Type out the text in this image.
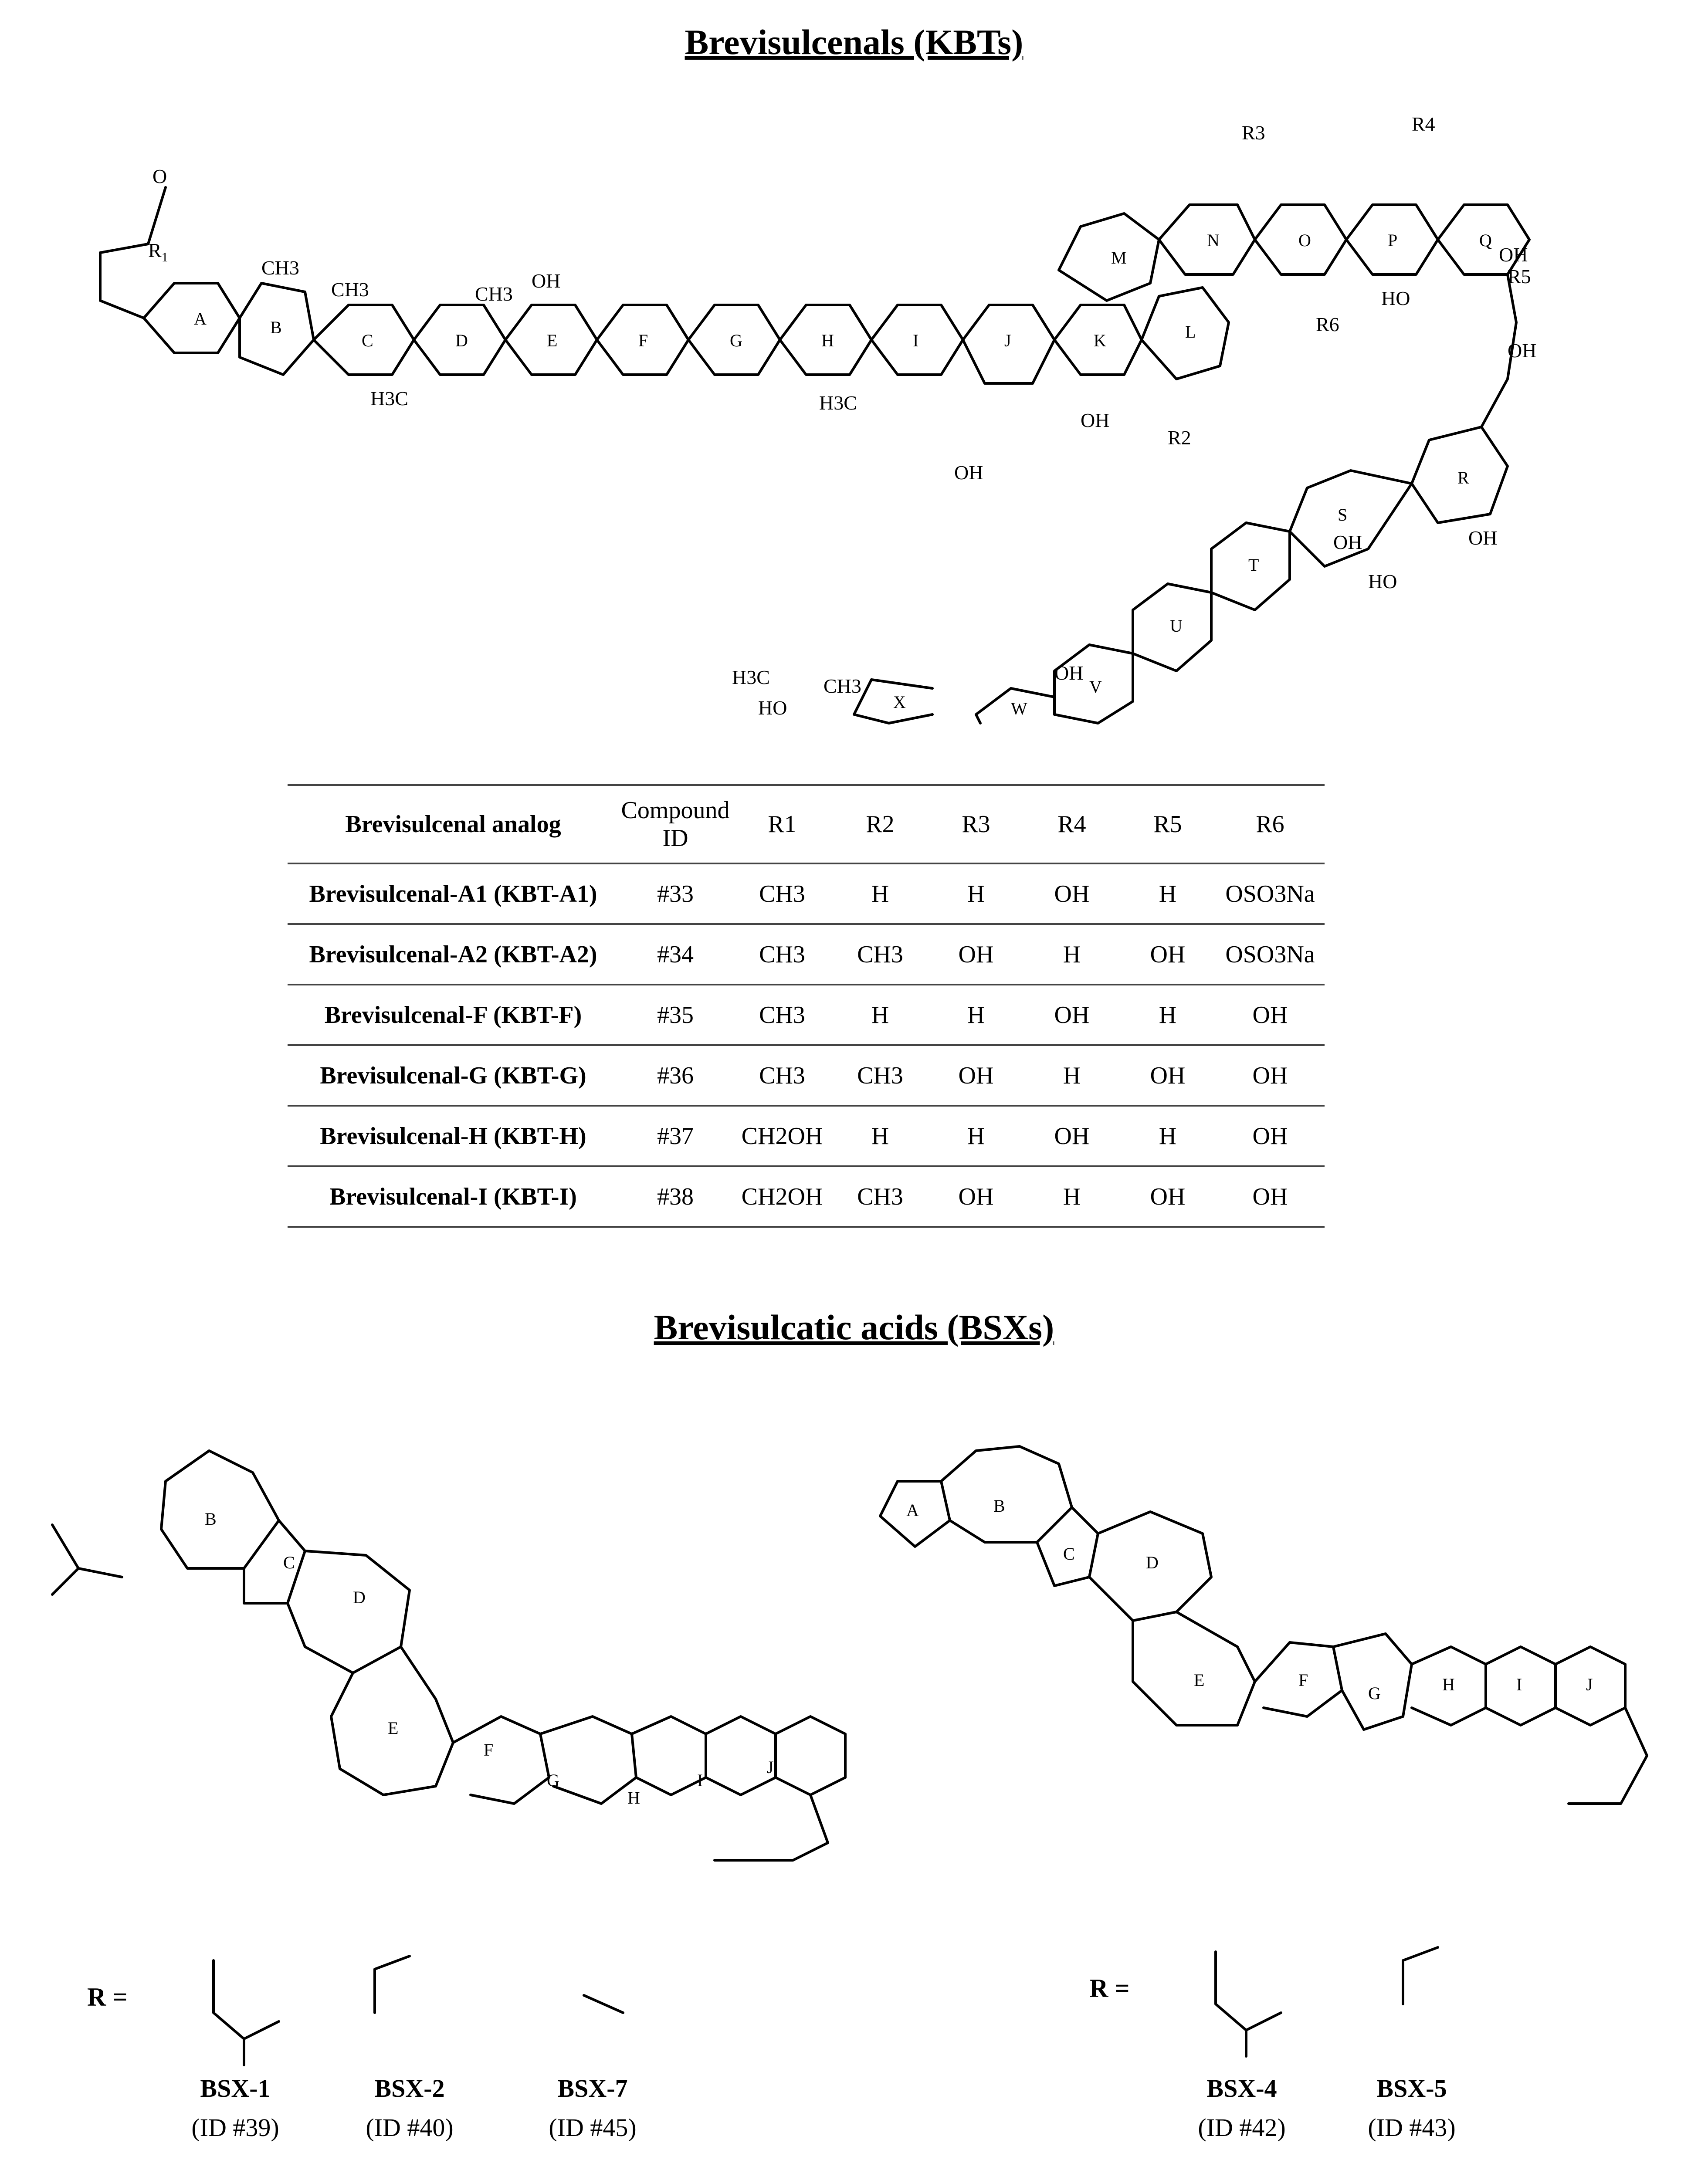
Brevisulcenals (KBTs)
O
$R_1$
A	B
C	D	E	F	G	H	I	J	K	L
M
N	O	P	Q
R
S
T
U
V
W
X
CH3
CH3
H3C
OH
CH3
H3C
OH
OH
R2
R3	R4
R5
R6
OH
HO
OH
OH
HO
OH
OH
HO
H3C	CH3
Brevisulcenal analog	Compound ID	R1	R2	R3	R4	R5	R6
Brevisulcenal-A1 (KBT-A1)	#33	CH3	H	H	OH	H	OSO3Na
Brevisulcenal-A2 (KBT-A2)	#34	CH3	CH3	OH	H	OH	OSO3Na
Brevisulcenal-F (KBT-F)	#35	CH3	H	H	OH	H	OH
Brevisulcenal-G (KBT-G)	#36	CH3	CH3	OH	H	OH	OH
Brevisulcenal-H (KBT-H)	#37	CH2OH	H	H	OH	H	OH
Brevisulcenal-I (KBT-I)	#38	CH2OH	CH3	OH	H	OH	OH
Brevisulcatic acids (BSXs)
B
C
D
E
F
G
H
I
J
A	B
C	D
E	F
G	H	I	J
R =
BSX-1
(ID #39)
BSX-2
(ID #40)
BSX-7
(ID #45)
R =
BSX-4
(ID #42)
BSX-5
(ID #43)
